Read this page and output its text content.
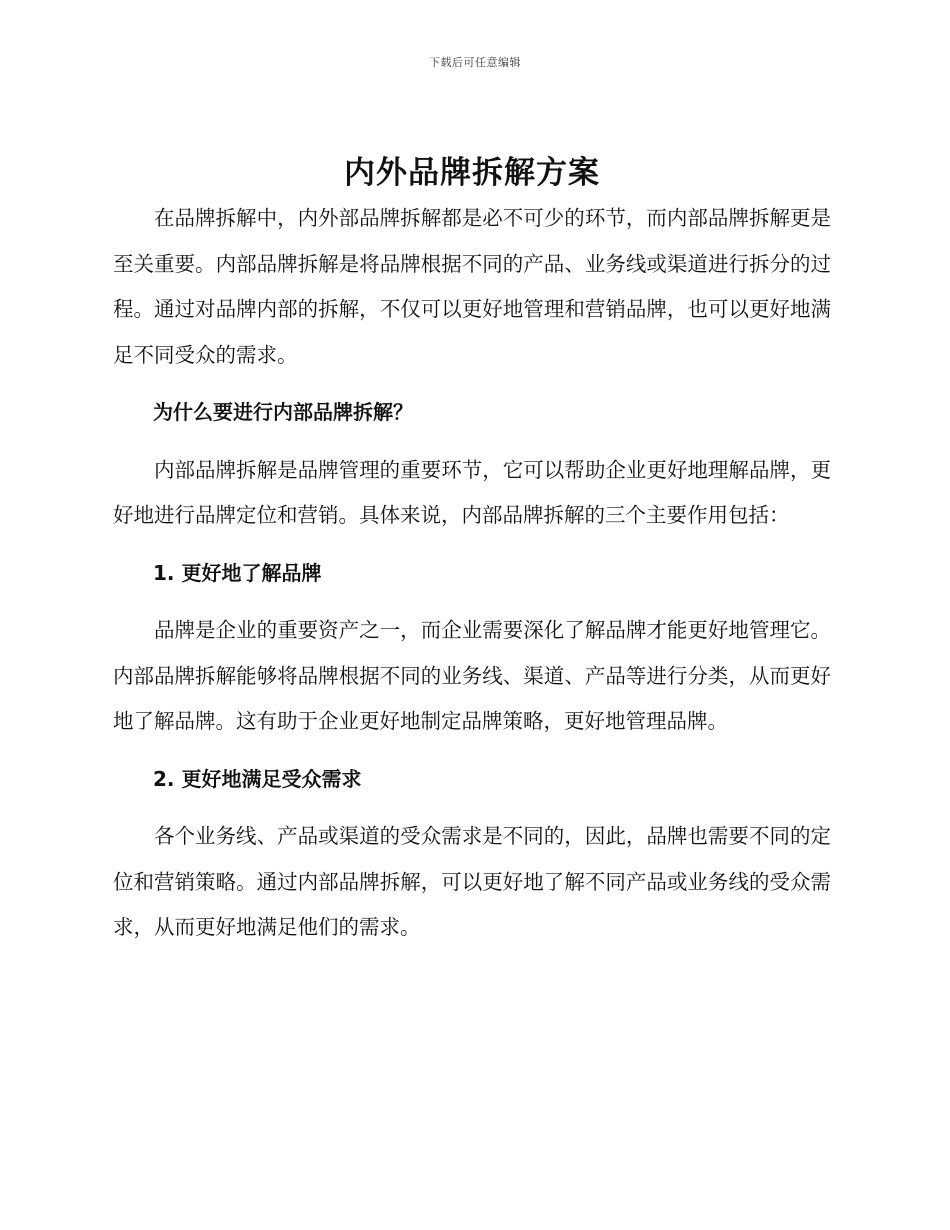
下载后可任意编辑
内外品牌拆解方案

在品牌拆解中，内外部品牌拆解都是必不可少的环节，而内部品牌拆解更是至关重要。内部品牌拆解是将品牌根据不同的产品、业务线或渠道进行拆分的过程。通过对品牌内部的拆解，不仅可以更好地管理和营销品牌，也可以更好地满足不同受众的需求。

为什么要进行内部品牌拆解？

内部品牌拆解是品牌管理的重要环节，它可以帮助企业更好地理解品牌，更好地进行品牌定位和营销。具体来说，内部品牌拆解的三个主要作用包括：

1. 更好地了解品牌

品牌是企业的重要资产之一，而企业需要深化了解品牌才能更好地管理它。内部品牌拆解能够将品牌根据不同的业务线、渠道、产品等进行分类，从而更好地了解品牌。这有助于企业更好地制定品牌策略，更好地管理品牌。

2. 更好地满足受众需求

各个业务线、产品或渠道的受众需求是不同的，因此，品牌也需要不同的定位和营销策略。通过内部品牌拆解，可以更好地了解不同产品或业务线的受众需求，从而更好地满足他们的需求。
